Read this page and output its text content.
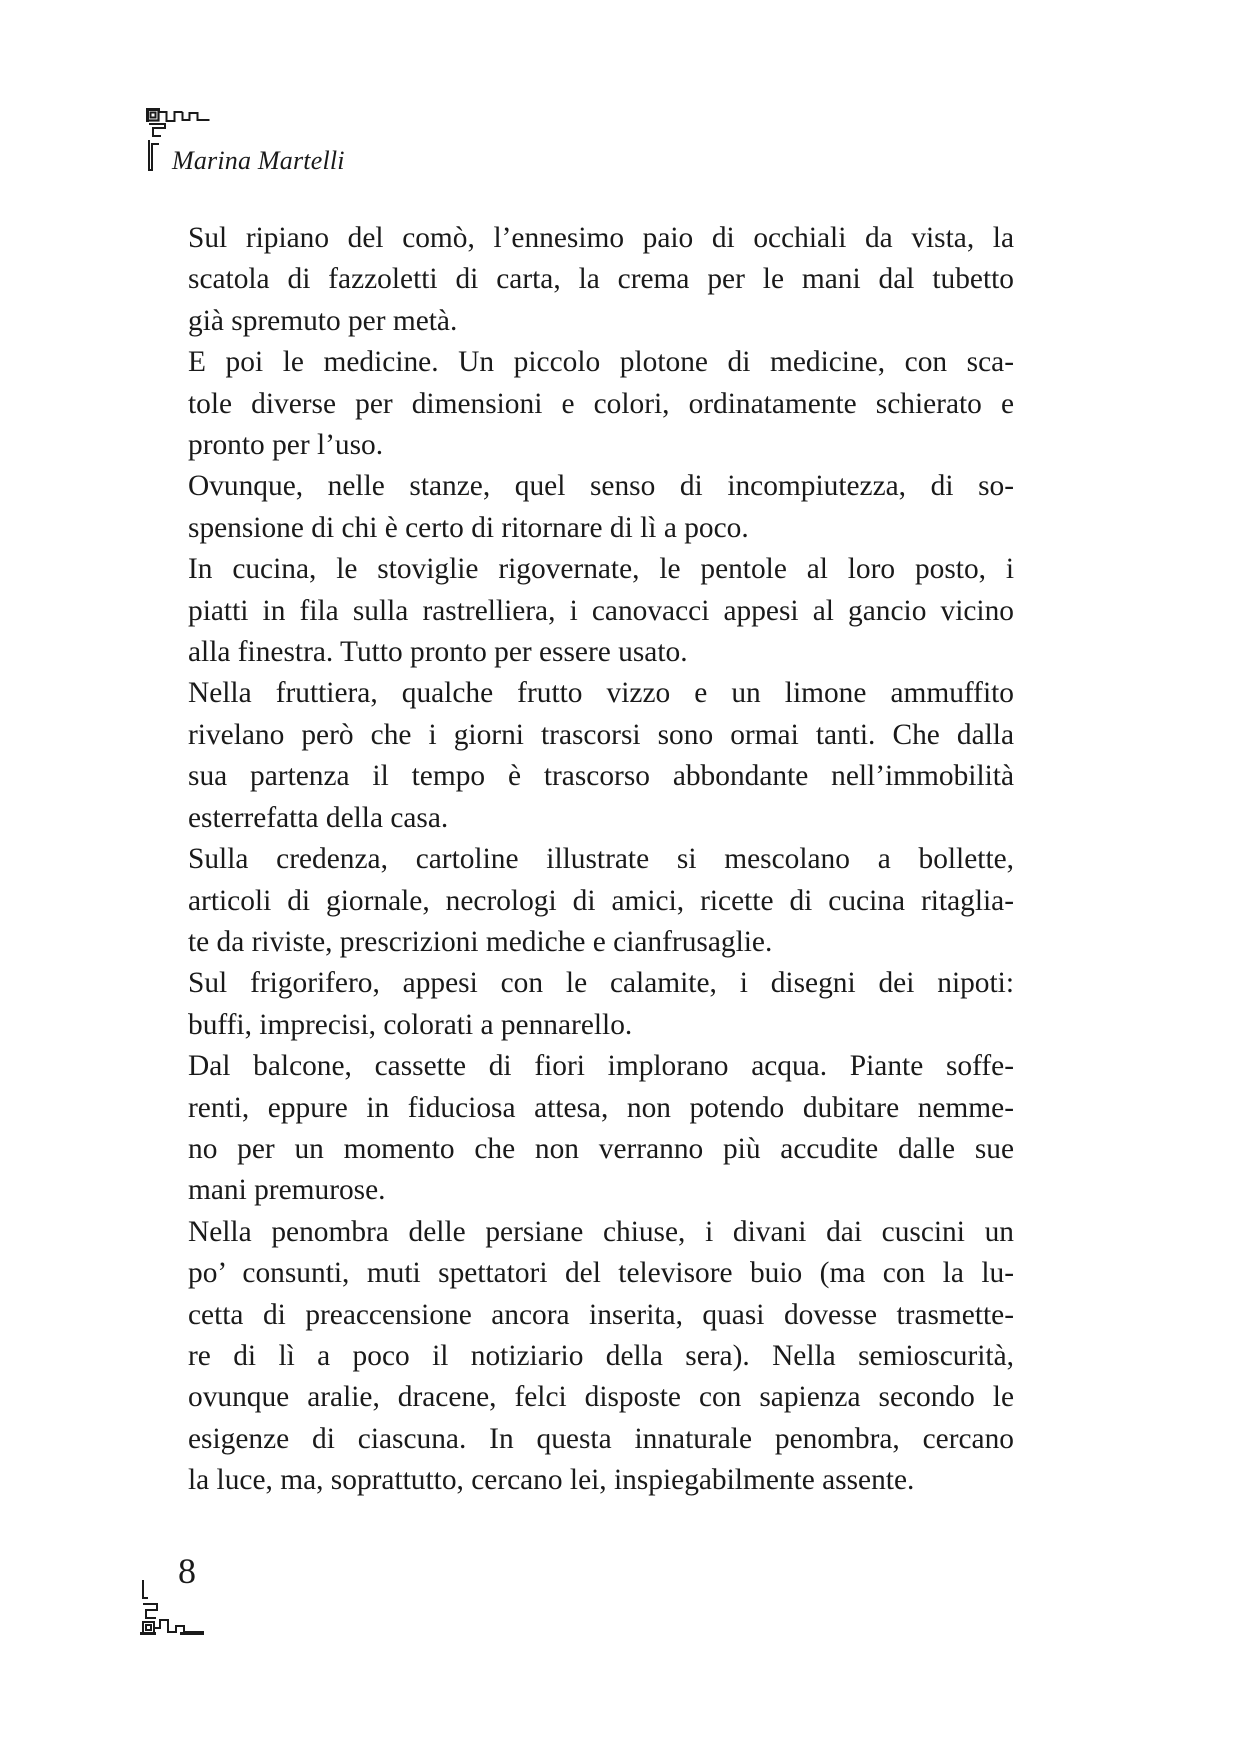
Marina Martelli

Sul ripiano del comò, l’ennesimo paio di occhiali da vista, la
scatola di fazzoletti di carta, la crema per le mani dal tubetto
già spremuto per metà.

E poi le medicine. Un piccolo plotone di medicine, con sca-
tole diverse per dimensioni e colori, ordinatamente schierato e
pronto per l’uso.

Ovunque, nelle stanze, quel senso di incompiutezza, di so-
spensione di chi è certo di ritornare di lì a poco.

In cucina, le stoviglie rigovernate, le pentole al loro posto, i
piatti in fila sulla rastrelliera, i canovacci appesi al gancio vicino
alla finestra. Tutto pronto per essere usato.

Nella fruttiera, qualche frutto vizzo e un limone ammuffito
rivelano però che i giorni trascorsi sono ormai tanti. Che dalla
sua partenza il tempo è trascorso abbondante nell’immobilità
esterrefatta della casa.

Sulla credenza, cartoline illustrate si mescolano a bollette,
articoli di giornale, necrologi di amici, ricette di cucina ritaglia-
te da riviste, prescrizioni mediche e cianfrusaglie.

Sul frigorifero, appesi con le calamite, i disegni dei nipoti:
buffi, imprecisi, colorati a pennarello.

Dal balcone, cassette di fiori implorano acqua. Piante soffe-
renti, eppure in fiduciosa attesa, non potendo dubitare nemme-
no per un momento che non verranno più accudite dalle sue
mani premurose.

Nella penombra delle persiane chiuse, i divani dai cuscini un
po’ consunti, muti spettatori del televisore buio (ma con la lu-
cetta di preaccensione ancora inserita, quasi dovesse trasmette-
re di lì a poco il notiziario della sera). Nella semioscurità,
ovunque aralie, dracene, felci disposte con sapienza secondo le
esigenze di ciascuna. In questa innaturale penombra, cercano
la luce, ma, soprattutto, cercano lei, inspiegabilmente assente.

8
